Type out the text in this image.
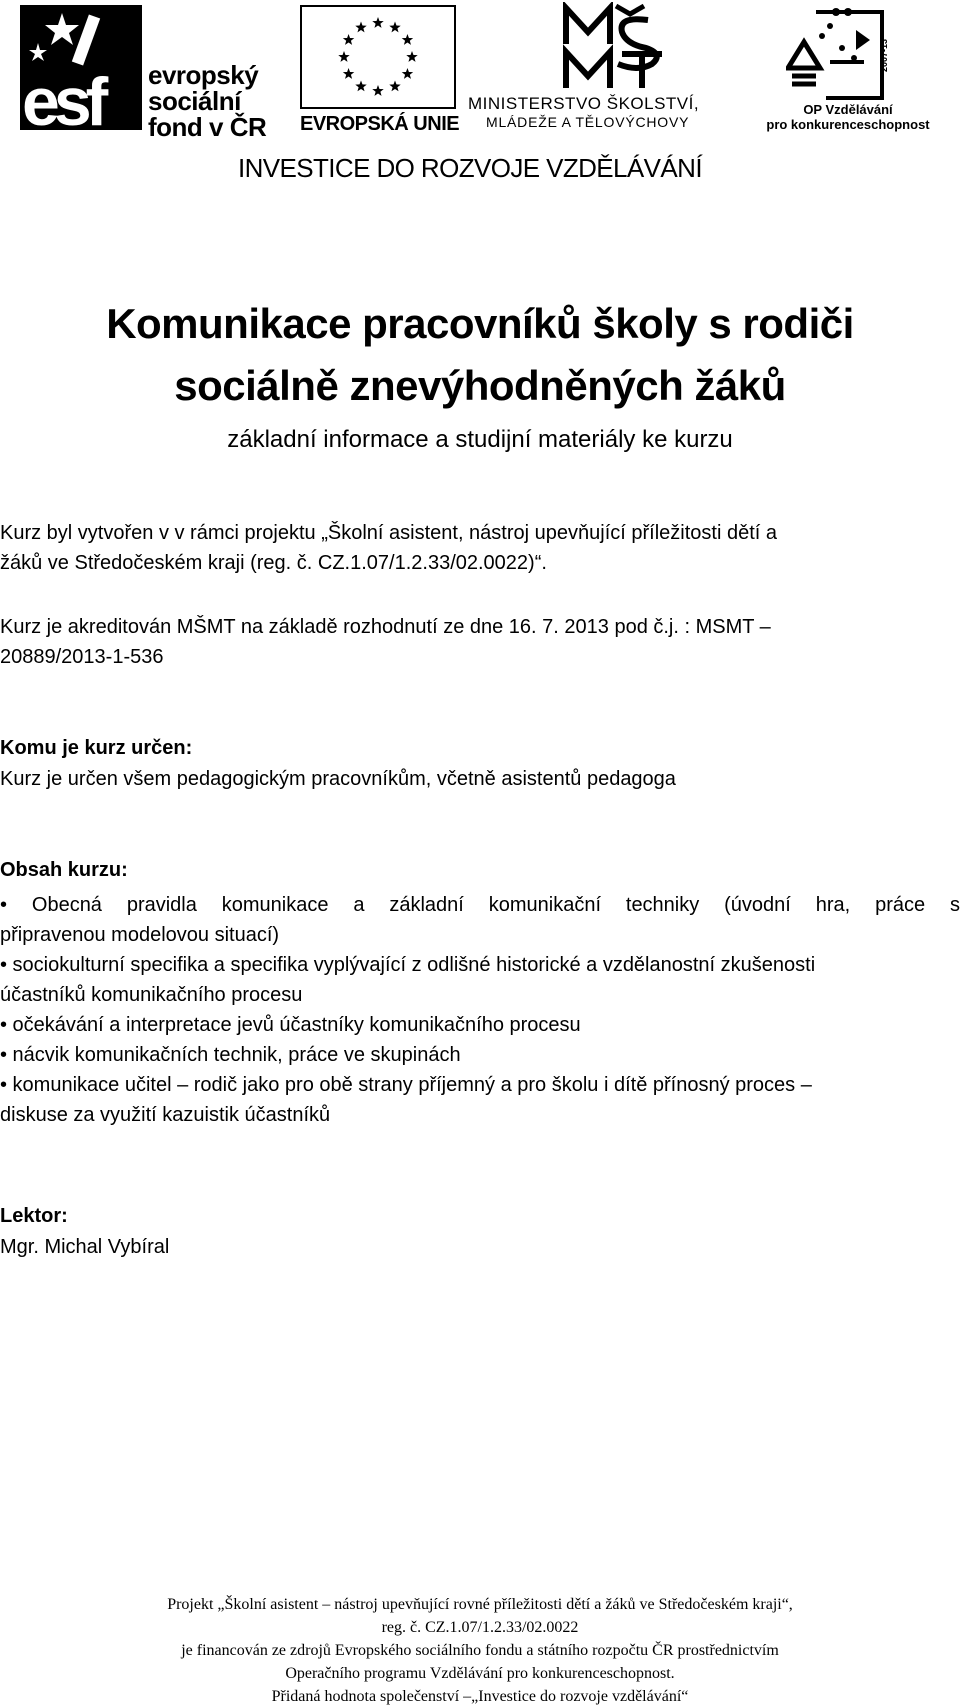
esf evropský
sociální
fond v ČR EVROPSKÁ UNIE
MINISTERSTVO ŠKOLSTVÍ,
MLÁDEŽE A TĚLOVÝCHOVY
2007-13
OP Vzdělávání
pro konkurenceschopnost
INVESTICE DO ROZVOJE VZDĚLÁVÁNÍ
Komunikace pracovníků školy s rodiči
sociálně znevýhodněných žáků
základní informace a studijní materiály ke kurzu
Kurz byl vytvořen v v rámci projektu „Školní asistent, nástroj upevňující příležitosti dětí a
žáků ve Středočeském kraji (reg. č. CZ.1.07/1.2.33/02.0022)“.
Kurz je akreditován MŠMT na základě rozhodnutí ze dne 16. 7. 2013 pod č.j. : MSMT –
20889/2013-1-536
Komu je kurz určen:
Kurz je určen všem pedagogickým pracovníkům, včetně asistentů pedagoga
Obsah kurzu:
• Obecná pravidla komunikace a základní komunikační techniky (úvodní hra, práce s
připravenou modelovou situací)
• sociokulturní specifika a specifika vyplývající z odlišné historické a vzdělanostní zkušenosti
účastníků komunikačního procesu
• očekávání a interpretace jevů účastníky komunikačního procesu
• nácvik komunikačních technik, práce ve skupinách
• komunikace učitel – rodič jako pro obě strany příjemný a pro školu i dítě přínosný proces –
diskuse za využití kazuistik účastníků
Lektor:
Mgr. Michal Vybíral
Projekt „Školní asistent – nástroj upevňující rovné příležitosti dětí a žáků ve Středočeském kraji“,
reg. č. CZ.1.07/1.2.33/02.0022
je financován ze zdrojů Evropského sociálního fondu a státního rozpočtu ČR prostřednictvím
Operačního programu Vzdělávání pro konkurenceschopnost.
Přidaná hodnota společenství –„Investice do rozvoje vzdělávání“
